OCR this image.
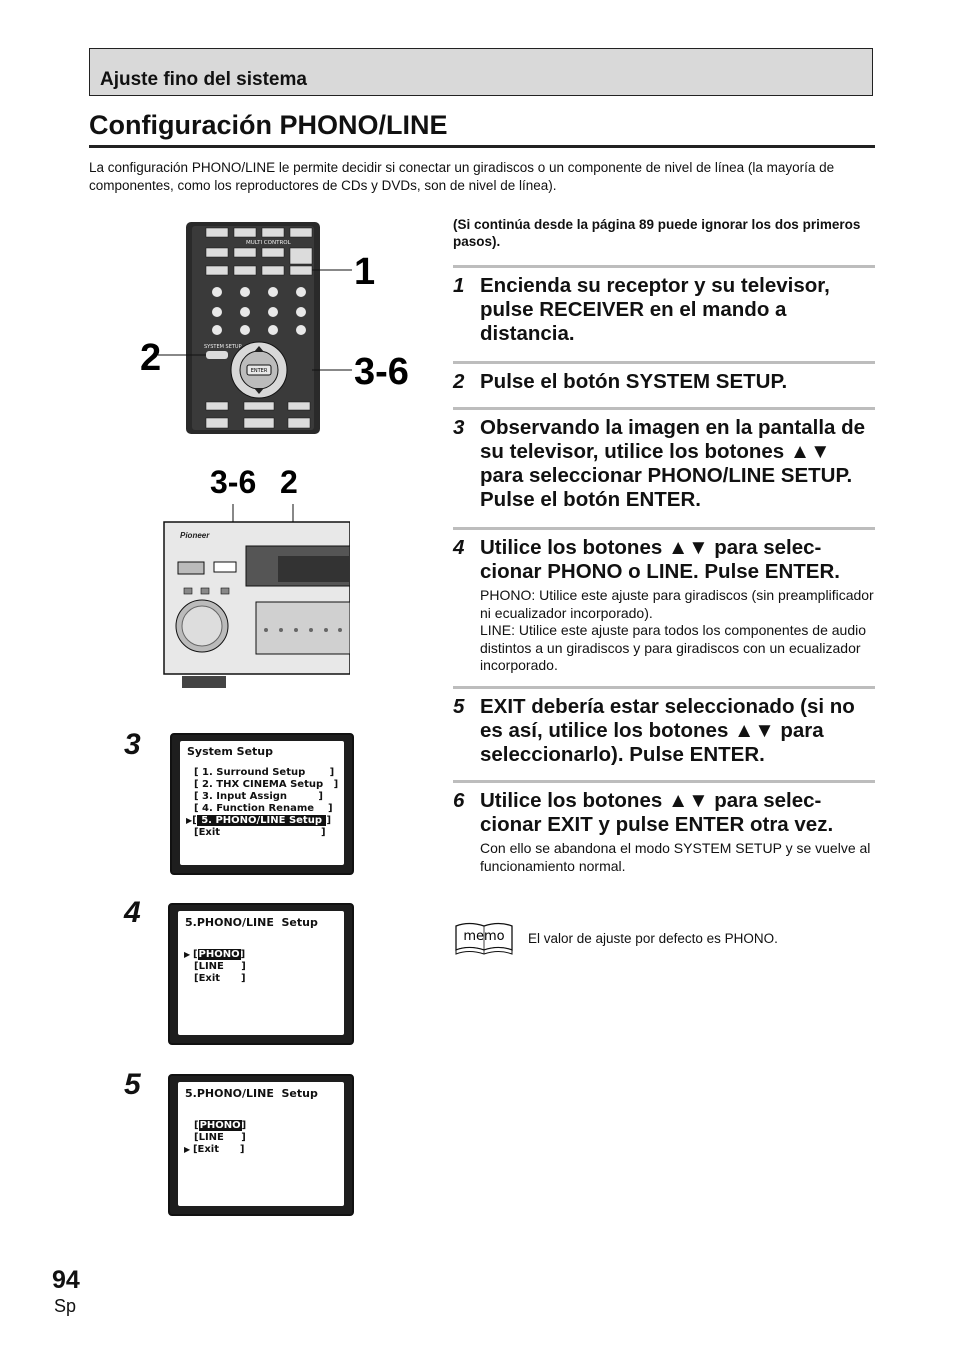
Ajuste fino del sistema
Configuración PHONO/LINE
La configuración PHONO/LINE le permite decidir si conectar un giradiscos o un componente de nivel de línea (la mayoría de componentes, como los reproductores de CDs y DVDs, son de nivel de línea).
MULTI CONTROL
SYSTEM SETUP
ENTER
2
1
3-6
3-6 2
Pioneer
3	System Setup
[ 1. Surround Setup       ]
[ 2. THX CINEMA Setup   ]
[ 3. Input Assign         ]
[ 4. Function Rename    ]
▶[ 5. PHONO/LINE Setup ]
[Exit                             ]
4	5.PHONO/LINE  Setup
▶ [PHONO]
[LINE     ]
[Exit      ]
5	5.PHONO/LINE  Setup
[PHONO]
[LINE     ]
▶ [Exit      ]
(Si continúa desde la página 89 puede ignorar los dos primeros pasos).
1 Encienda su receptor y su televisor, pulse RECEIVER en el mando a distancia.
2 Pulse el botón SYSTEM SETUP.
3 Observando la imagen en la pantalla de su televisor, utilice los botones ▲▼ para seleccionar PHONO/LINE SETUP. Pulse el botón ENTER.
4 Utilice los botones ▲▼ para selec-cionar PHONO o LINE. Pulse ENTER.
PHONO: Utilice este ajuste para giradiscos (sin preamplificador ni ecualizador incorporado).
LINE: Utilice este ajuste para todos los componentes de audio distintos a un giradiscos y para giradiscos con un ecualizador incorporado.
5 EXIT debería estar seleccionado (si no es así, utilice los botones ▲▼ para seleccionarlo). Pulse ENTER.
6 Utilice los botones ▲▼ para selec-cionar EXIT y pulse ENTER otra vez.
Con ello se abandona el modo SYSTEM SETUP y se vuelve al funcionamiento normal.
memo El valor de ajuste por defecto es PHONO.
94
Sp
